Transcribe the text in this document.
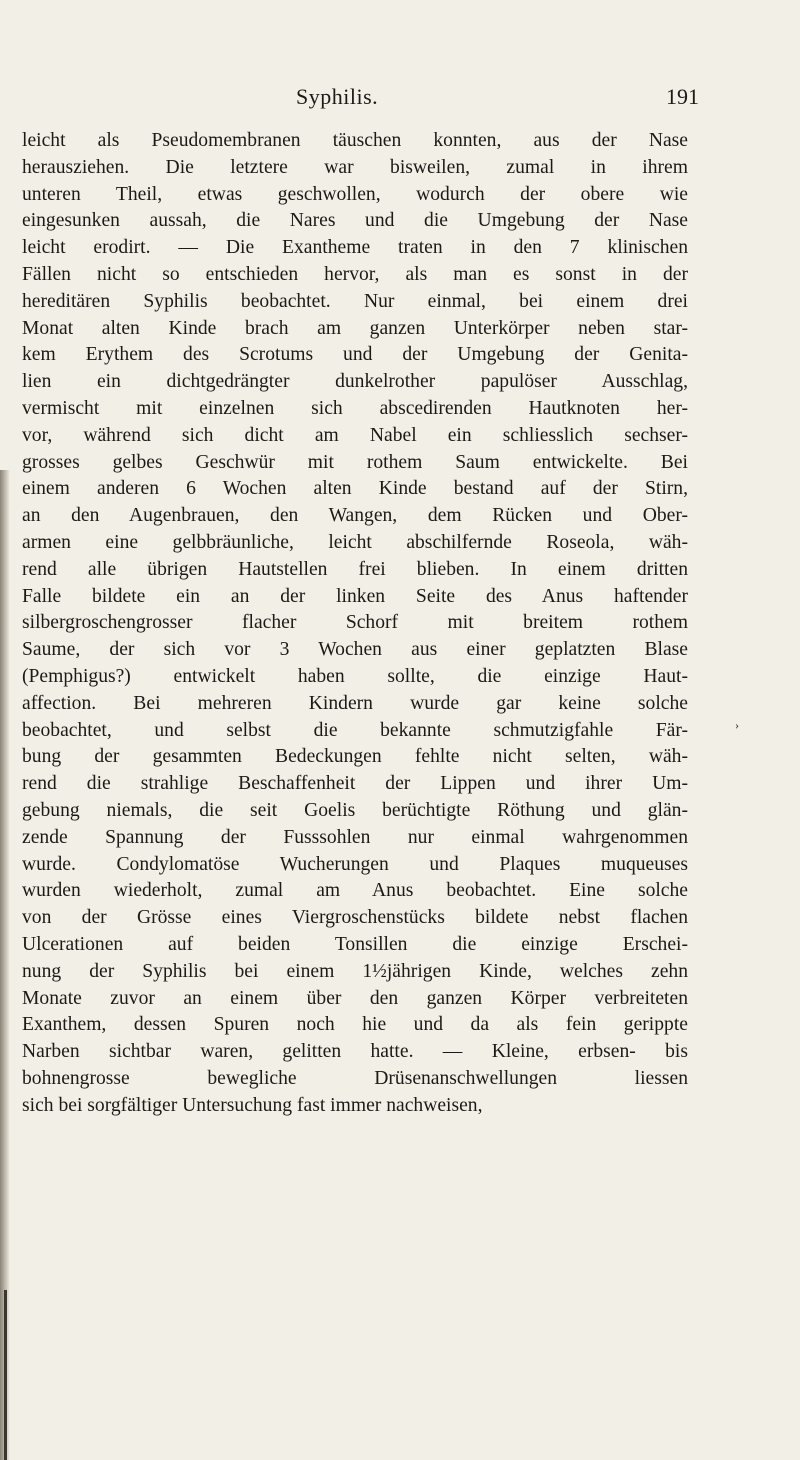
Syphilis.	191
leicht als Pseudomembranen täuschen konnten, aus der Nase
herausziehen. Die letztere war bisweilen, zumal in ihrem
unteren Theil, etwas geschwollen, wodurch der obere wie
eingesunken aussah, die Nares und die Umgebung der Nase
leicht erodirt. — Die Exantheme traten in den 7 klinischen
Fällen nicht so entschieden hervor, als man es sonst in der
hereditären Syphilis beobachtet. Nur einmal, bei einem drei
Monat alten Kinde brach am ganzen Unterkörper neben star-
kem Erythem des Scrotums und der Umgebung der Genita-
lien ein dichtgedrängter dunkelrother papulöser Ausschlag,
vermischt mit einzelnen sich abscedirenden Hautknoten her-
vor, während sich dicht am Nabel ein schliesslich sechser-
grosses gelbes Geschwür mit rothem Saum entwickelte. Bei
einem anderen 6 Wochen alten Kinde bestand auf der Stirn,
an den Augenbrauen, den Wangen, dem Rücken und Ober-
armen eine gelbbräunliche, leicht abschilfernde Roseola, wäh-
rend alle übrigen Hautstellen frei blieben. In einem dritten
Falle bildete ein an der linken Seite des Anus haftender
silbergroschengrosser flacher Schorf mit breitem rothem
Saume, der sich vor 3 Wochen aus einer geplatzten Blase
(Pemphigus?) entwickelt haben sollte, die einzige Haut-
affection. Bei mehreren Kindern wurde gar keine solche
beobachtet, und selbst die bekannte schmutzigfahle Fär-
bung der gesammten Bedeckungen fehlte nicht selten, wäh-
rend die strahlige Beschaffenheit der Lippen und ihrer Um-
gebung niemals, die seit Goelis berüchtigte Röthung und glän-
zende Spannung der Fusssohlen nur einmal wahrgenommen
wurde. Condylomatöse Wucherungen und Plaques muqueuses
wurden wiederholt, zumal am Anus beobachtet. Eine solche
von der Grösse eines Viergroschenstücks bildete nebst flachen
Ulcerationen auf beiden Tonsillen die einzige Erschei-
nung der Syphilis bei einem 1½jährigen Kinde, welches zehn
Monate zuvor an einem über den ganzen Körper verbreiteten
Exanthem, dessen Spuren noch hie und da als fein gerippte
Narben sichtbar waren, gelitten hatte. — Kleine, erbsen- bis
bohnengrosse bewegliche Drüsenanschwellungen liessen
sich bei sorgfältiger Untersuchung fast immer nachweisen,
›
